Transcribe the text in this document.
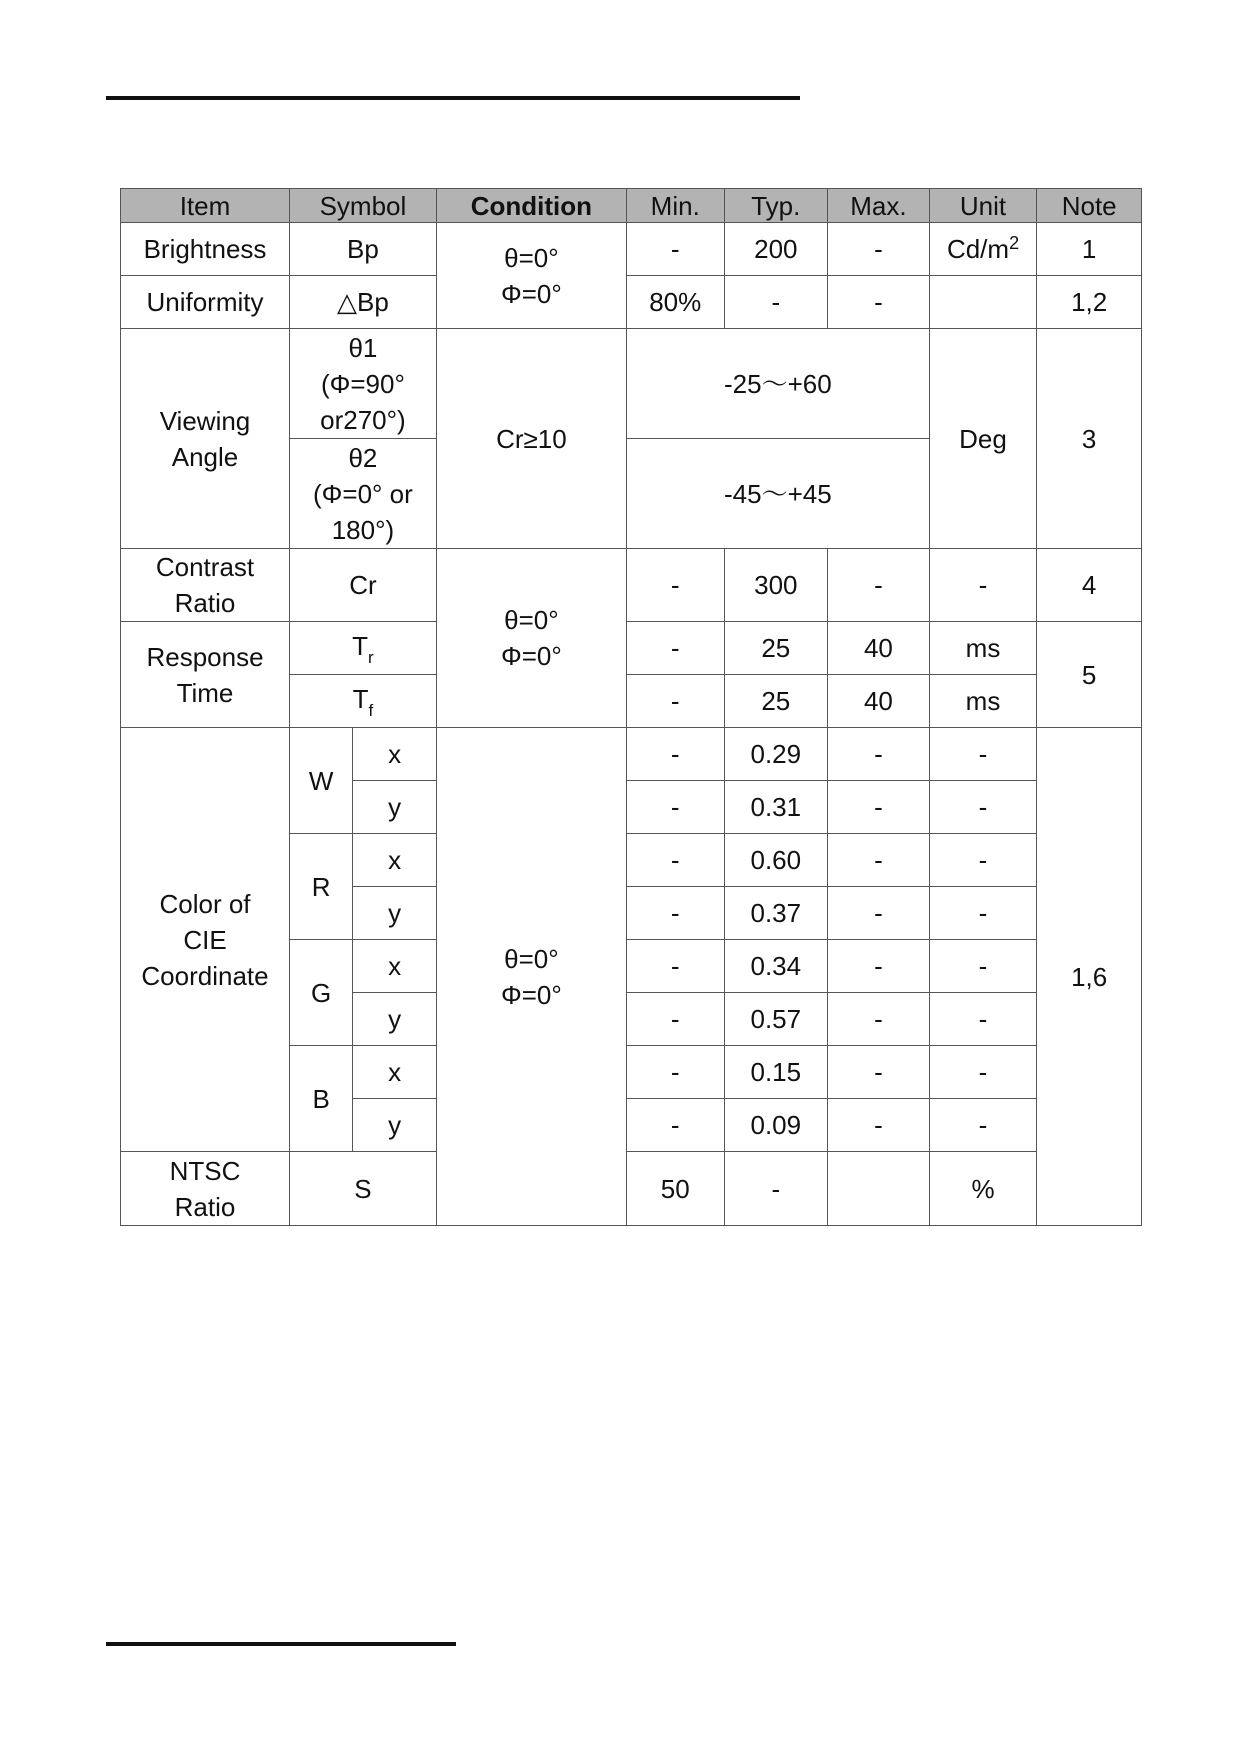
Item	Symbol		Condition	Min.	Typ.	Max.	Unit	Note
Brightness	Bp		θ=0°
Φ=0°	-	200	-	$Cd/m^2$	1
Uniformity	△Bp			80%	-	-		1,2
Viewing
Angle	θ1
(Φ=90°
or270°)		Cr≥10	-25～+60			Deg	3
	θ2
(Φ=0° or
180°)			-45～+45				
Contrast
Ratio	Cr		θ=0°
Φ=0°	-	300	-	-	4
Response
Time	$T_r$			-	25	40	ms	5
	$T_f$			-	25	40	ms	
Color of
CIE
Coordinate	W	x	θ=0°
Φ=0°	-	0.29	-	-	1,6
		y		-	0.31	-	-	
	R	x		-	0.60	-	-	
		y		-	0.37	-	-	
	G	x		-	0.34	-	-	
		y		-	0.57	-	-	
	B	x		-	0.15	-	-	
		y		-	0.09	-	-	
NTSC
Ratio	S			50	-		%	
